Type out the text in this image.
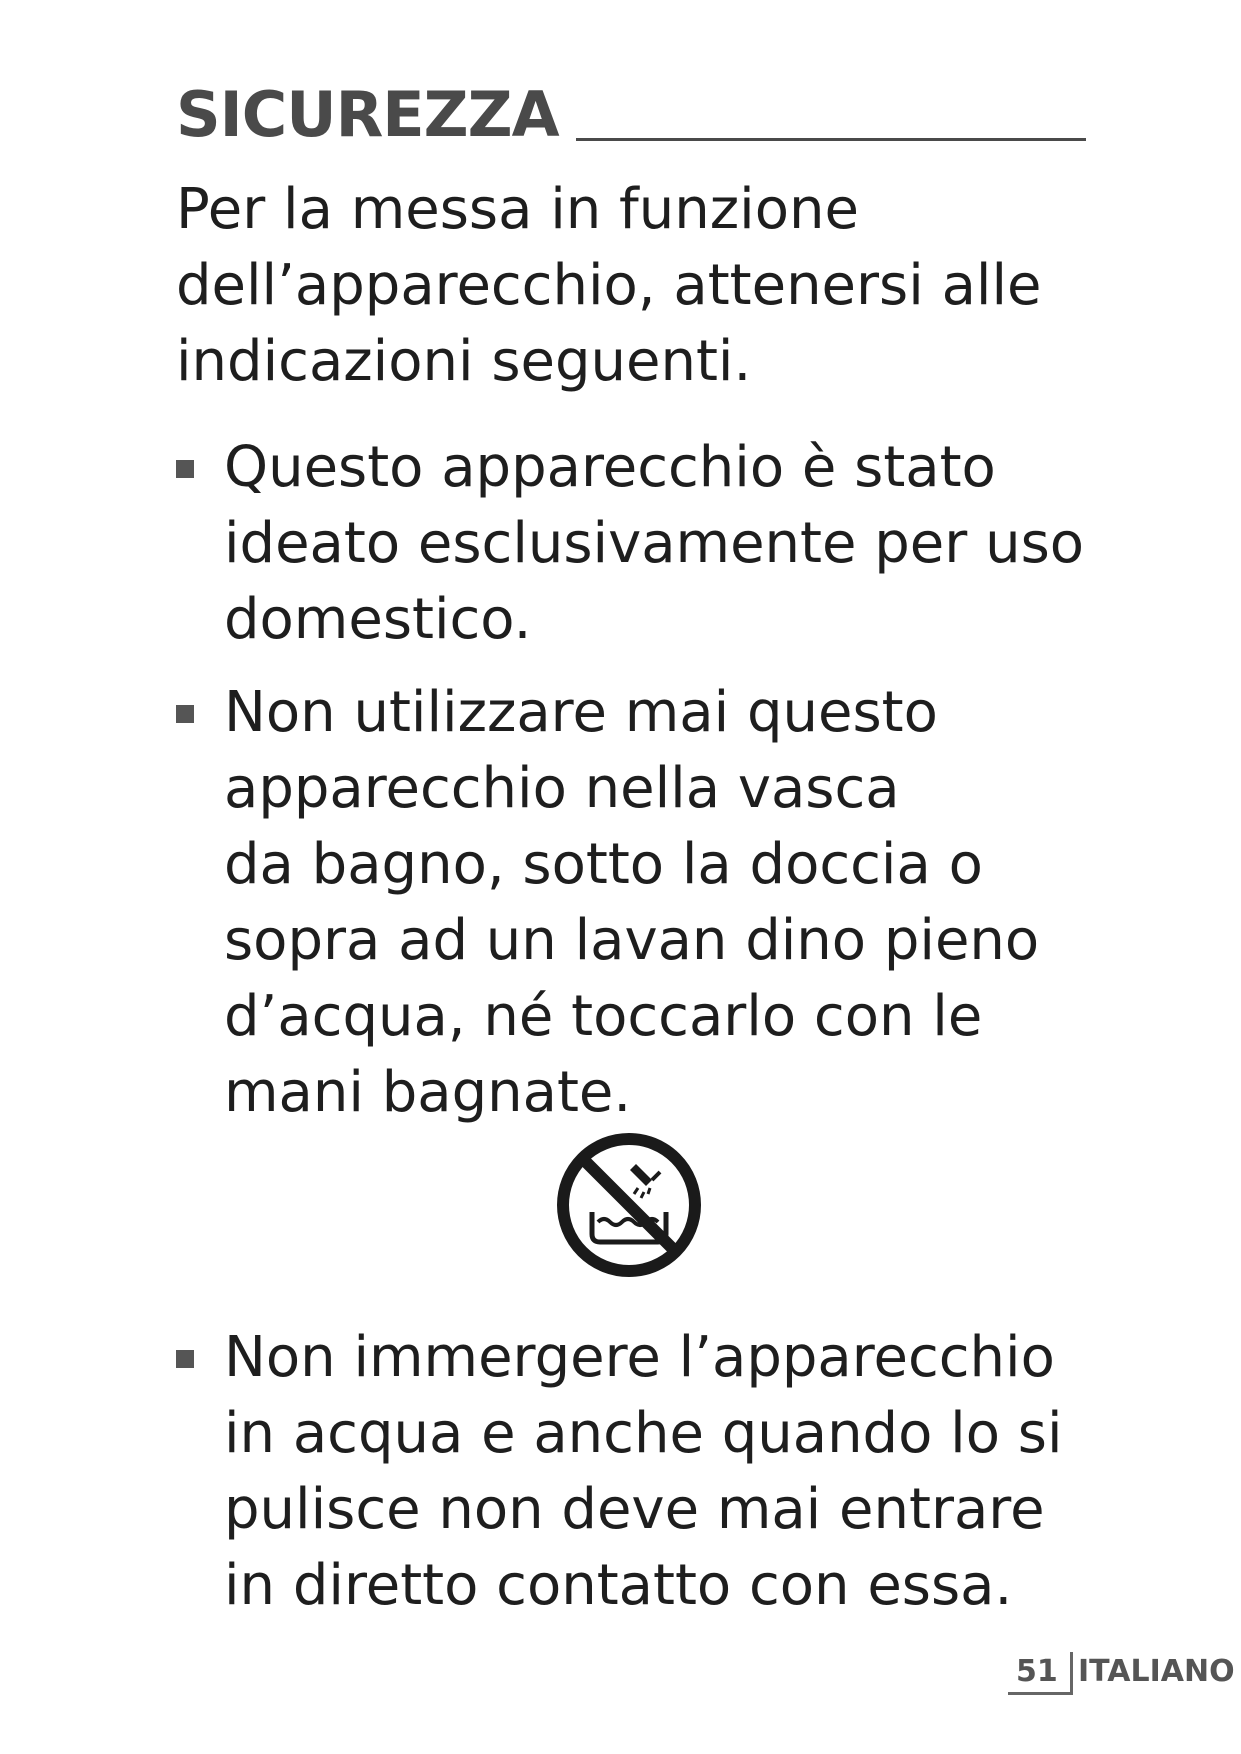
SICUREZZA
Per la messa in funzione
dell’apparecchio, attenersi alle
indicazioni seguenti.
Questo apparecchio è stato
ideato esclusivamente per uso
domestico.
Non utilizzare mai questo
apparecchio nella vasca
da bagno, sotto la doccia o
sopra ad un lavan dino pieno
d’acqua, né toccarlo con le
mani bagnate.
Non immergere l’apparecchio
in acqua e anche quando lo si
pulisce non deve mai entrare
in diretto contatto con essa.
51 ITALIANO
